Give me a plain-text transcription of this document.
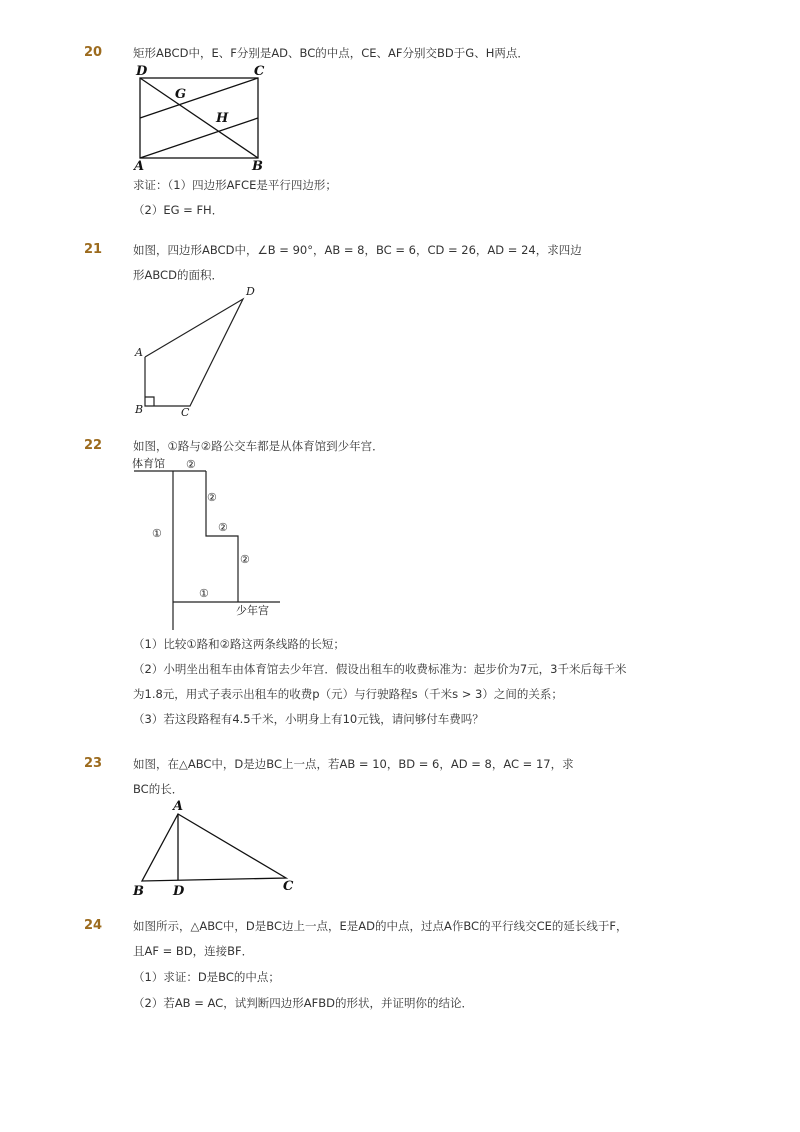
20	矩形ABCD中，E、F分别是AD、BC的中点，CE、AF分别交BD于G、H两点．
D	C
G
H
A	B
求证：（1）四边形AFCE是平行四边形；
（2）EG = FH．
21	如图，四边形ABCD中，∠B = 90°，AB = 8，BC = 6，CD = 26，AD = 24，求四边
形ABCD的面积．
D
A
B	C
22	如图，①路与②路公交车都是从体育馆到少年宫．
体育馆 ②
②
②
②
①
①
少年宫
（1）比较①路和②路这两条线路的长短；
（2）小明坐出租车由体育馆去少年宫．假设出租车的收费标准为：起步价为7元，3千米后每千米
为1.8元，用式子表示出租车的收费p（元）与行驶路程s（千米s > 3）之间的关系；
（3）若这段路程有4.5千米，小明身上有10元钱，请问够付车费吗？
23	如图，在△ABC中，D是边BC上一点，若AB = 10，BD = 6，AD = 8，AC = 17，求
BC的长．
A
B D	C
24	如图所示，△ABC中，D是BC边上一点，E是AD的中点，过点A作BC的平行线交CE的延长线于F，
且AF = BD，连接BF．
（1）求证：D是BC的中点；
（2）若AB = AC，试判断四边形AFBD的形状，并证明你的结论．
